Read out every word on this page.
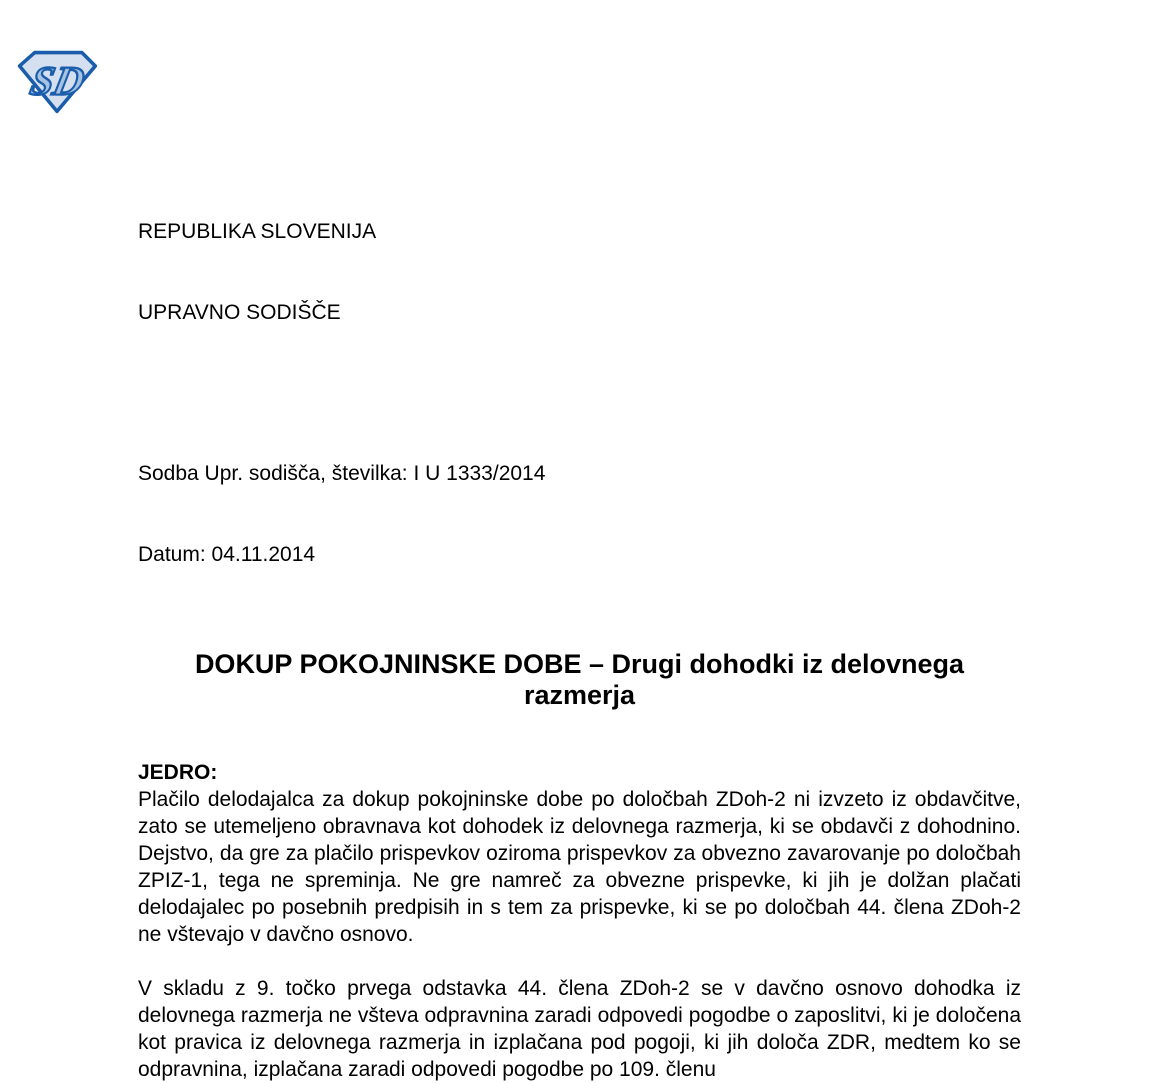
SD

REPUBLIKA SLOVENIJA

UPRAVNO SODIŠČE

Sodba Upr. sodišča, številka: I U 1333/2014

Datum: 04.11.2014

DOKUP POKOJNINSKE DOBE – Drugi dohodki iz delovnega
razmerja
JEDRO:
Plačilo delodajalca za dokup pokojninske dobe po določbah ZDoh-2 ni izvzeto iz obdavčitve, zato se utemeljeno obravnava kot dohodek iz delovnega razmerja, ki se obdavči z dohodnino. Dejstvo, da gre za plačilo prispevkov oziroma prispevkov za obvezno zavarovanje po določbah ZPIZ-1, tega ne spreminja. Ne gre namreč za obvezne prispevke, ki jih je dolžan plačati delodajalec po posebnih predpisih in s tem za prispevke, ki se po določbah 44. člena ZDoh-2 ne vštevajo v davčno osnovo.
V skladu z 9. točko prvega odstavka 44. člena ZDoh-2 se v davčno osnovo dohodka iz delovnega razmerja ne všteva odpravnina zaradi odpovedi pogodbe o zaposlitvi, ki je določena kot pravica iz delovnega razmerja in izplačana pod pogoji, ki jih določa ZDR, medtem ko se odpravnina, izplačana zaradi odpovedi pogodbe po 109. členu
